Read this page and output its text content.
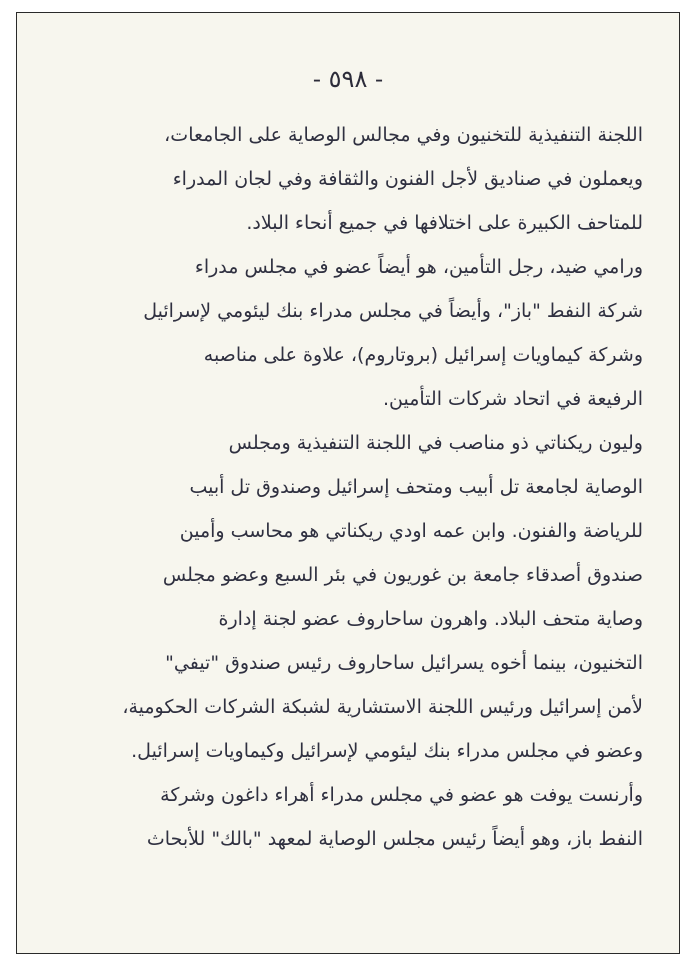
- ٥٩٨ -
اللجنة التنفيذية للتخنيون وفي مجالس الوصاية على الجامعات،
ويعملون في صناديق لأجل الفنون والثقافة وفي لجان المدراء
للمتاحف الكبيرة على اختلافها في جميع أنحاء البلاد.
ورامي ضيد، رجل التأمين، هو أيضاً عضو في مجلس مدراء
شركة النفط "باز"، وأيضاً في مجلس مدراء بنك ليئومي لإسرائيل
وشركة كيماويات إسرائيل (بروتاروم)، علاوة على مناصبه
الرفيعة في اتحاد شركات التأمين.
وليون ريكناتي ذو مناصب في اللجنة التنفيذية ومجلس
الوصاية لجامعة تل أبيب ومتحف إسرائيل وصندوق تل أبيب
للرياضة والفنون. وابن عمه اودي ريكناتي هو محاسب وأمين
صندوق أصدقاء جامعة بن غوريون في بئر السبع وعضو مجلس
وصاية متحف البلاد. واهرون ساحاروف عضو لجنة إدارة
التخنيون، بينما أخوه يسرائيل ساحاروف رئيس صندوق "تيفي"
لأمن إسرائيل ورئيس اللجنة الاستشارية لشبكة الشركات الحكومية،
وعضو في مجلس مدراء بنك ليئومي لإسرائيل وكيماويات إسرائيل.
وأرنست يوفت هو عضو في مجلس مدراء أهراء داغون وشركة
النفط باز، وهو أيضاً رئيس مجلس الوصاية لمعهد "بالك" للأبحاث
